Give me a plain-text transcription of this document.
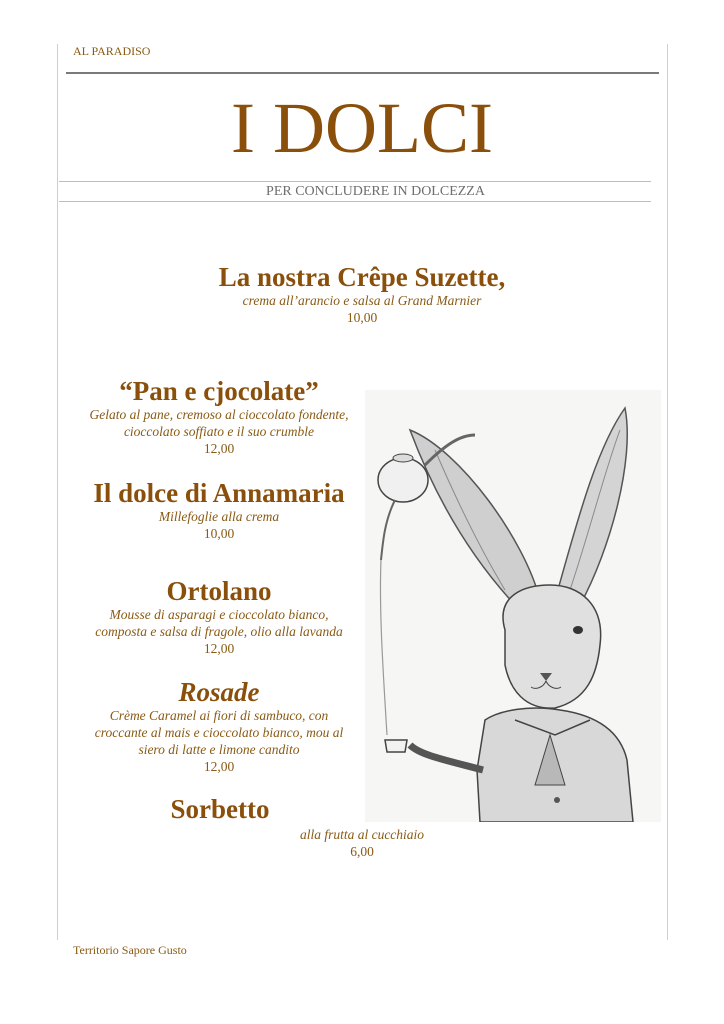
AL PARADISO
I DOLCI
PER CONCLUDERE IN DOLCEZZA
La nostra Crêpe Suzette,
crema all’arancio e salsa al Grand Marnier
10,00
“Pan e cjocolate”
Gelato al pane, cremoso al cioccolato fondente,
cioccolato soffiato e il suo crumble
12,00
Il dolce di Annamaria
Millefoglie alla crema
10,00
Ortolano
Mousse di asparagi e cioccolato bianco,
composta e salsa di fragole, olio alla lavanda
12,00
Rosade
Crème Caramel ai fiori di sambuco, con
croccante al mais e cioccolato bianco, mou al
siero di latte e limone candito
12,00
Sorbetto
alla frutta al cucchiaio
6,00
Territorio Sapore Gusto
